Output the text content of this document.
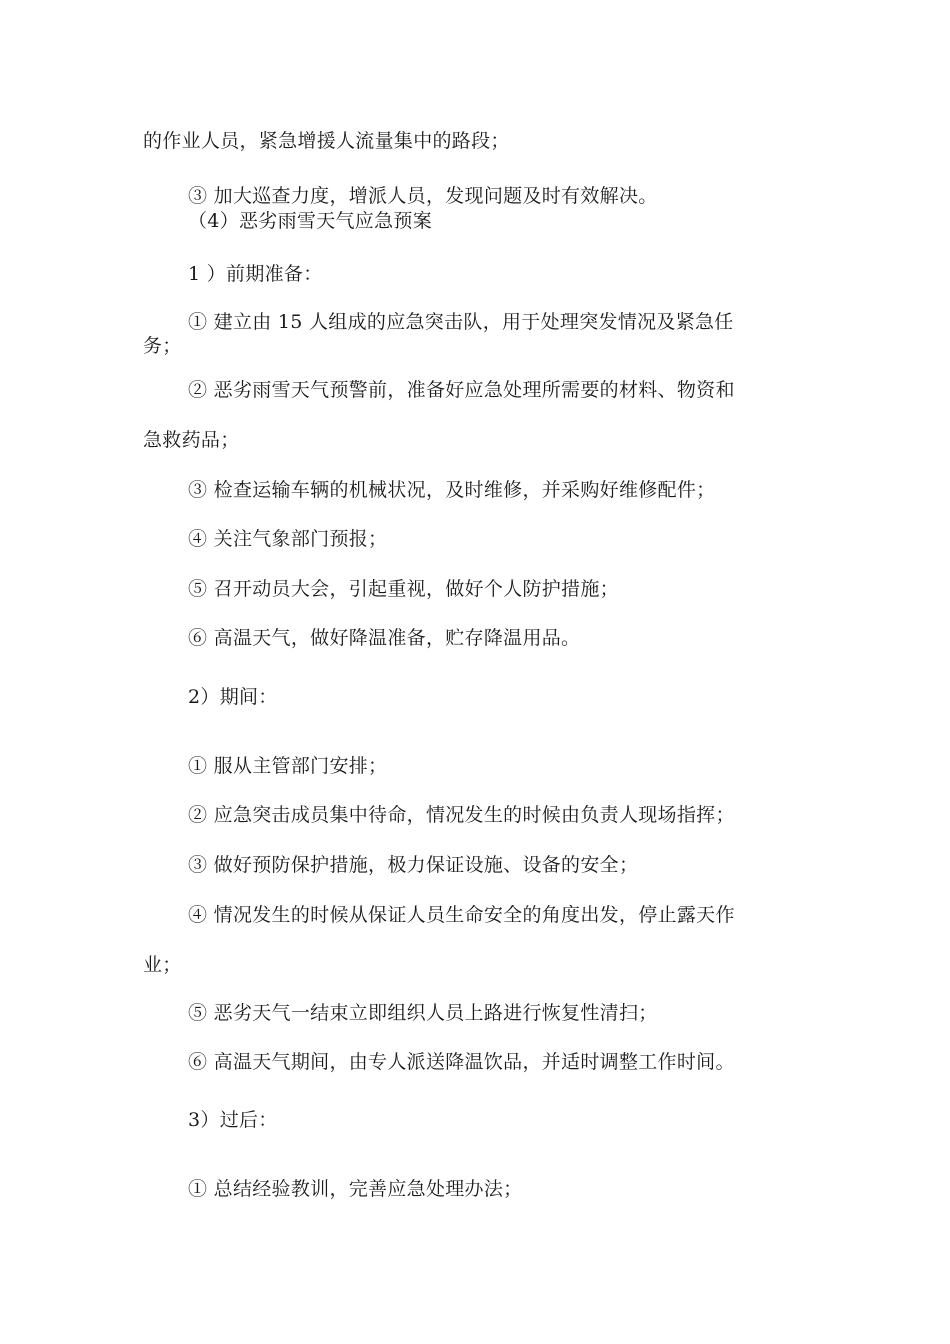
的作业人员，紧急增援人流量集中的路段；
③ 加大巡查力度，增派人员，发现问题及时有效解决。
（4）恶劣雨雪天气应急预案
1 ）前期准备：
① 建立由 15 人组成的应急突击队，用于处理突发情况及紧急任
务；
② 恶劣雨雪天气预警前，准备好应急处理所需要的材料、物资和
急救药品；
③ 检查运输车辆的机械状况，及时维修，并采购好维修配件；
④ 关注气象部门预报；
⑤ 召开动员大会，引起重视，做好个人防护措施；
⑥ 高温天气，做好降温准备，贮存降温用品。
2）期间：
① 服从主管部门安排；
② 应急突击成员集中待命，情况发生的时候由负责人现场指挥；
③ 做好预防保护措施，极力保证设施、设备的安全；
④ 情况发生的时候从保证人员生命安全的角度出发，停止露天作
业；
⑤ 恶劣天气一结束立即组织人员上路进行恢复性清扫；
⑥ 高温天气期间，由专人派送降温饮品，并适时调整工作时间。
3）过后：
① 总结经验教训，完善应急处理办法；
